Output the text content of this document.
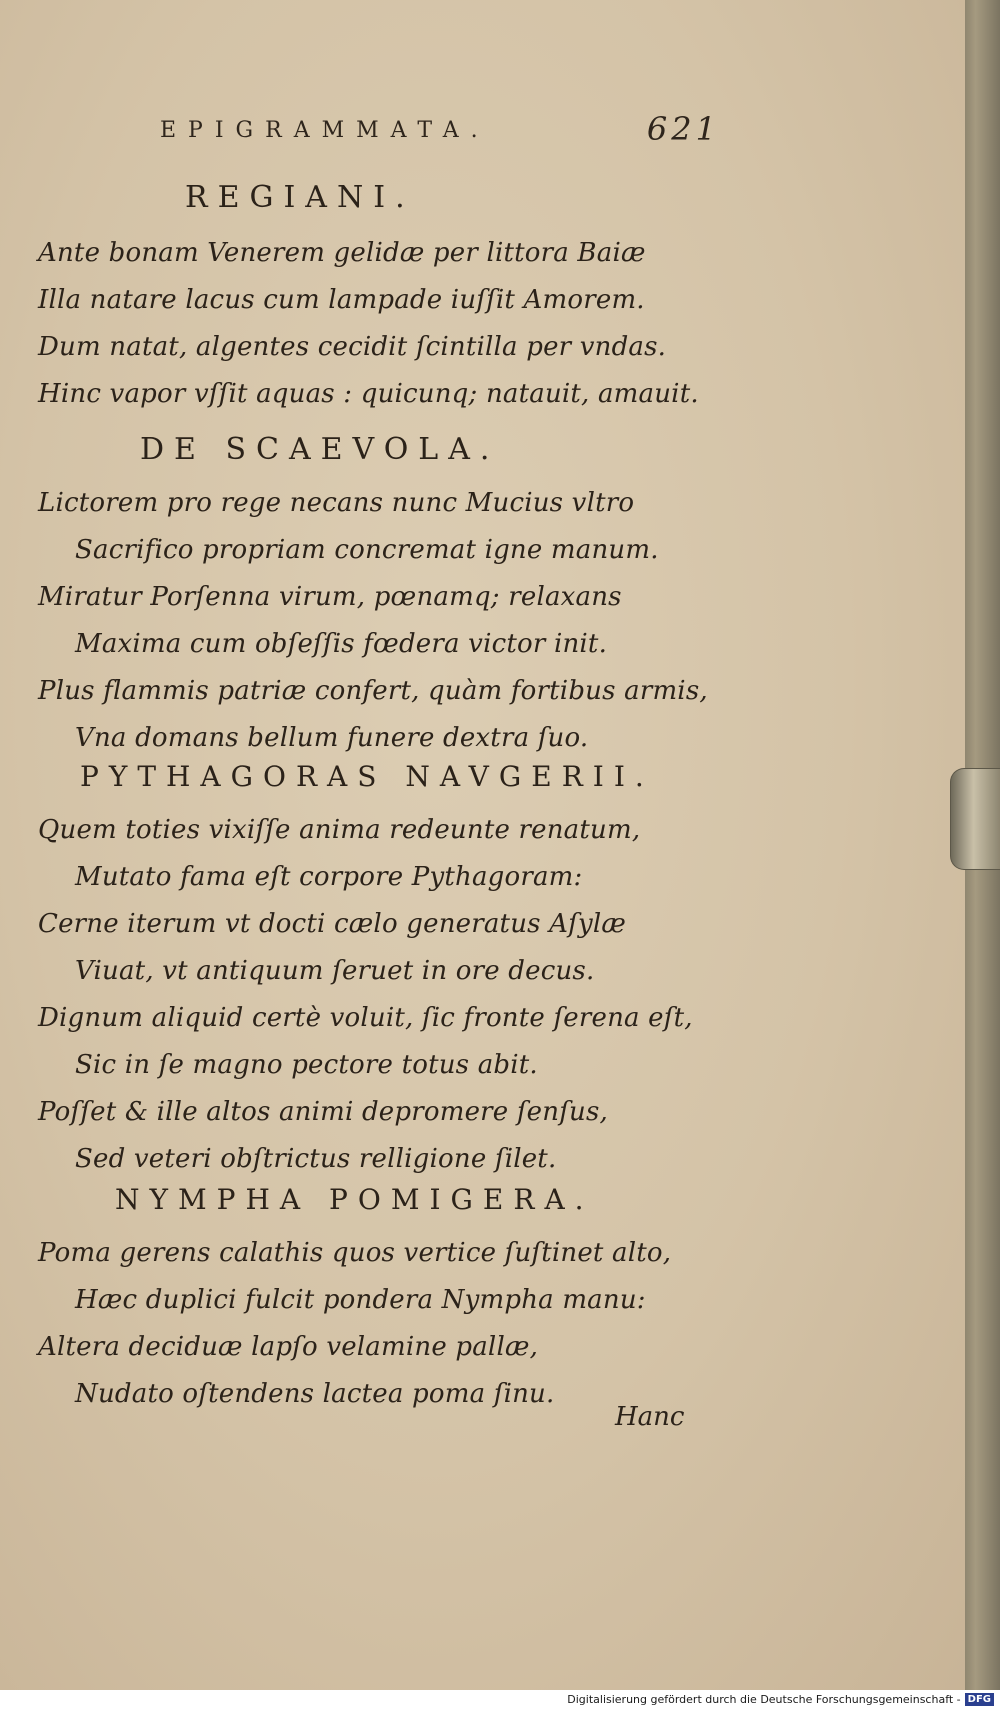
EPIGRAMMATA.	621
REGIANI.
Ante bonam Venerem gelidæ per littora Baiæ
Illa natare lacus cum lampade iuſſit Amorem.
Dum natat, algentes cecidit ſcintilla per vndas.
Hinc vapor vſſit aquas : quicunq; natauit, amauit.
DE SCAEVOLA.
Lictorem pro rege necans nunc Mucius vltro
Sacrifico propriam concremat igne manum.
Miratur Porſenna virum, pœnamq; relaxans
Maxima cum obſeſſis fœdera victor init.
Plus flammis patriæ confert, quàm fortibus armis,
Vna domans bellum funere dextra ſuo.
PYTHAGORAS NAVGERII.
Quem toties vixiſſe anima redeunte renatum,
Mutato fama eſt corpore Pythagoram:
Cerne iterum vt docti cælo generatus Aſylæ
Viuat, vt antiquum ſeruet in ore decus.
Dignum aliquid certè voluit, ſic fronte ſerena eſt,
Sic in ſe magno pectore totus abit.
Poſſet & ille altos animi depromere ſenſus,
Sed veteri obſtrictus relligione ſilet.
NYMPHA POMIGERA.
Poma gerens calathis quos vertice ſuſtinet alto,
Hæc duplici fulcit pondera Nympha manu:
Altera deciduæ lapſo velamine pallæ,
Nudato oſtendens lactea poma ſinu.
Hanc
Digitalisierung gefördert durch die Deutsche Forschungsgemeinschaft - DFG
